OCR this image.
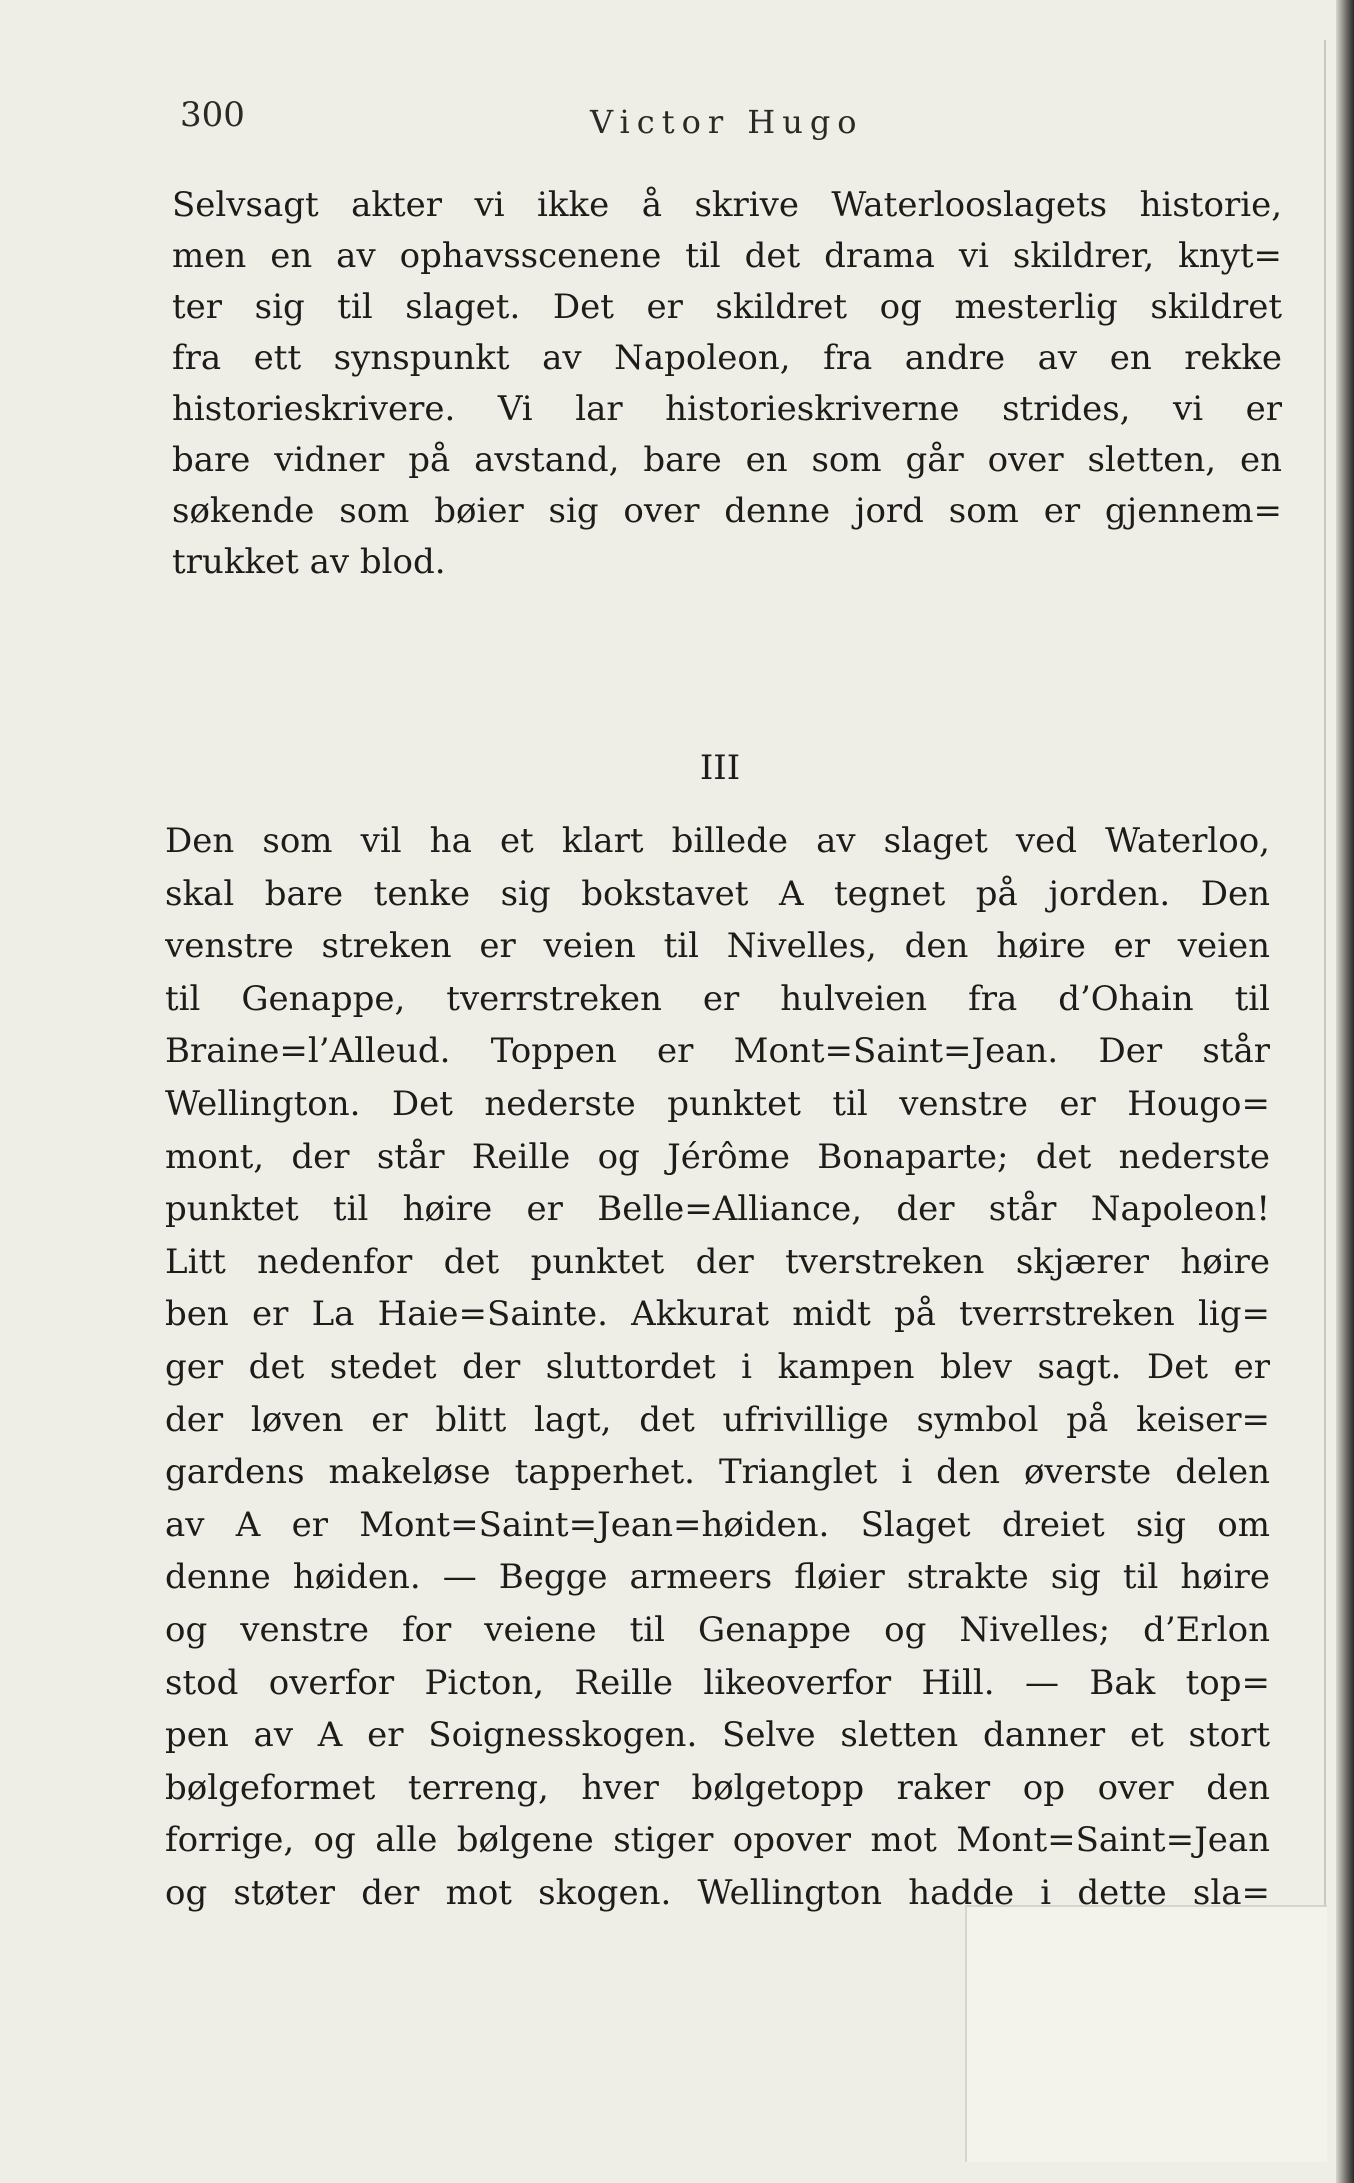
300	Victor Hugo

Selvsagt akter vi ikke å skrive Waterlooslagets historie,
men en av ophavsscenene til det drama vi skildrer, knyt=
ter sig til slaget. Det er skildret og mesterlig skildret
fra ett synspunkt av Napoleon, fra andre av en rekke
historieskrivere. Vi lar historieskriverne strides, vi er
bare vidner på avstand, bare en som går over sletten, en
søkende som bøier sig over denne jord som er gjennem=
trukket av blod.

III

Den som vil ha et klart billede av slaget ved Waterloo,
skal bare tenke sig bokstavet A tegnet på jorden. Den
venstre streken er veien til Nivelles, den høire er veien
til Genappe, tverrstreken er hulveien fra d’Ohain til
Braine=l’Alleud. Toppen er Mont=Saint=Jean. Der står
Wellington. Det nederste punktet til venstre er Hougo=
mont, der står Reille og Jérôme Bonaparte; det nederste
punktet til høire er Belle=Alliance, der står Napoleon!
Litt nedenfor det punktet der tverstreken skjærer høire
ben er La Haie=Sainte. Akkurat midt på tverrstreken lig=
ger det stedet der sluttordet i kampen blev sagt. Det er
der løven er blitt lagt, det ufrivillige symbol på keiser=
gardens makeløse tapperhet. Trianglet i den øverste delen
av A er Mont=Saint=Jean=høiden. Slaget dreiet sig om
denne høiden. — Begge armeers fløier strakte sig til høire
og venstre for veiene til Genappe og Nivelles; d’Erlon
stod overfor Picton, Reille likeoverfor Hill. — Bak top=
pen av A er Soignesskogen. Selve sletten danner et stort
bølgeformet terreng, hver bølgetopp raker op over den
forrige, og alle bølgene stiger opover mot Mont=Saint=Jean
og støter der mot skogen. Wellington hadde i dette sla=
